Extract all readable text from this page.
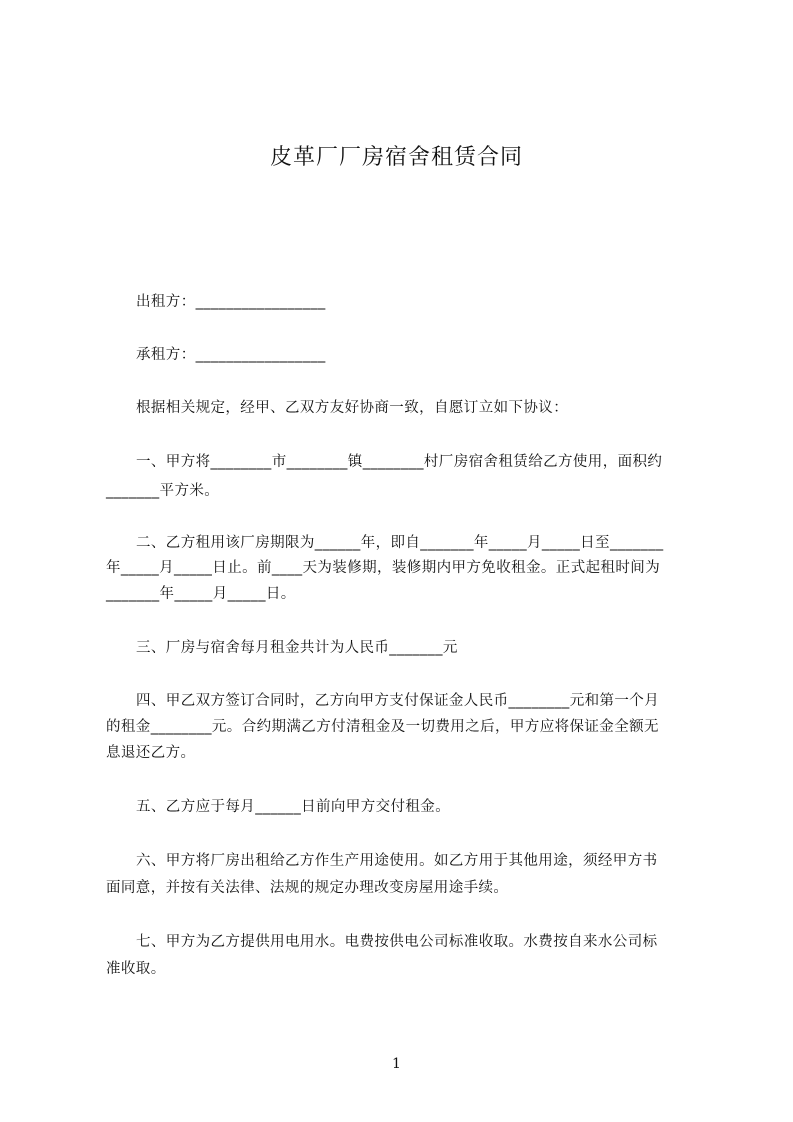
皮革厂厂房宿舍租赁合同
出租方：_________________
承租方：_________________
根据相关规定，经甲、乙双方友好协商一致，自愿订立如下协议：
一、甲方将________市________镇________村厂房宿舍租赁给乙方使用，面积约
_______平方米。
二、乙方租用该厂房期限为______年，即自_______年_____月_____日至_______
年_____月_____日止。前____天为装修期，装修期内甲方免收租金。正式起租时间为
_______年_____月_____日。
三、厂房与宿舍每月租金共计为人民币_______元
四、甲乙双方签订合同时，乙方向甲方支付保证金人民币________元和第一个月
的租金________元。合约期满乙方付清租金及一切费用之后，甲方应将保证金全额无
息退还乙方。
五、乙方应于每月______日前向甲方交付租金。
六、甲方将厂房出租给乙方作生产用途使用。如乙方用于其他用途，须经甲方书
面同意，并按有关法律、法规的规定办理改变房屋用途手续。
七、甲方为乙方提供用电用水。电费按供电公司标准收取。水费按自来水公司标
准收取。
1
